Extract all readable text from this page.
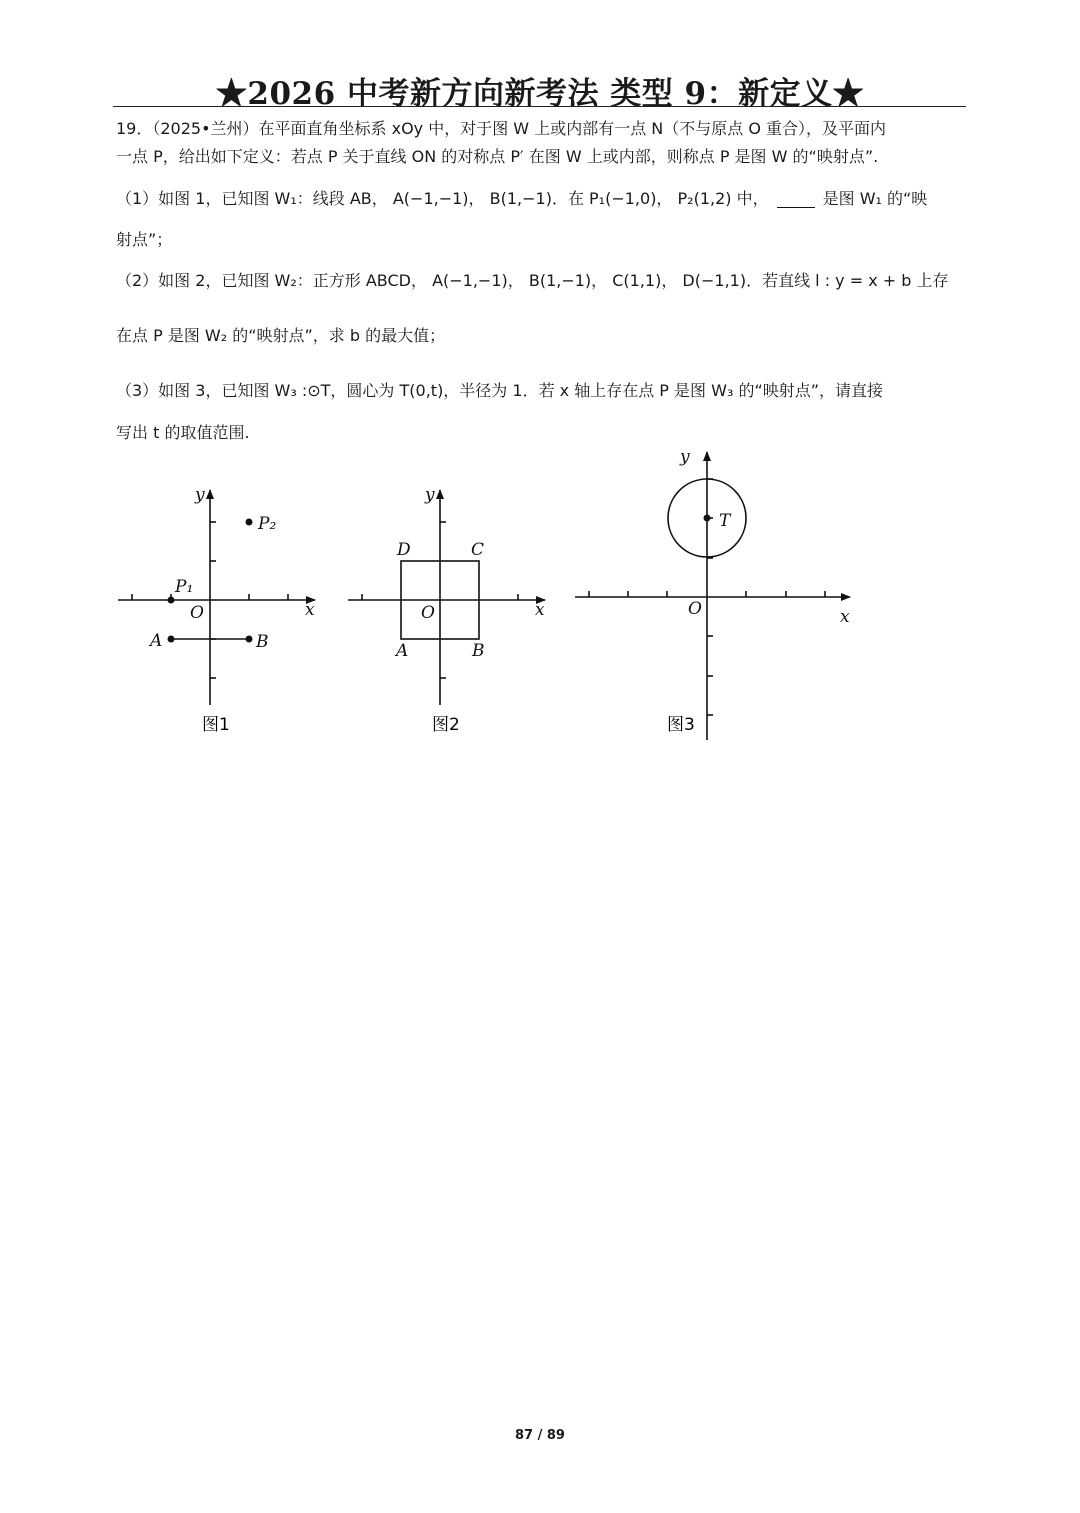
★2026 中考新方向新考法 类型 9：新定义★
19．（2025•兰州）在平面直角坐标系 xOy 中，对于图 W 上或内部有一点 N（不与原点 O 重合），及平面内
一点 P，给出如下定义：若点 P 关于直线 ON 的对称点 P′ 在图 W 上或内部，则称点 P 是图 W 的“映射点”.
（1）如图 1，已知图 W₁：线段 AB， A(−1,−1)， B(1,−1)．在 P₁(−1,0)， P₂(1,2) 中，	是图 W₁ 的“映
射点”；
（2）如图 2，已知图 W₂：正方形 ABCD， A(−1,−1)， B(1,−1)， C(1,1)， D(−1,1)．若直线 l : y = x + b 上存
在点 P 是图 W₂ 的“映射点”，求 b 的最大值；
（3）如图 3，已知图 W₃ :⊙T，圆心为 T(0,t)，半径为 1．若 x 轴上存在点 P 是图 W₃ 的“映射点”，请直接
写出 t 的取值范围.
x
y
O
P₁
P₂
A	B
图1
x
y
O
A	B
C
D
图2
x
y
O
T
图3
87 / 89
